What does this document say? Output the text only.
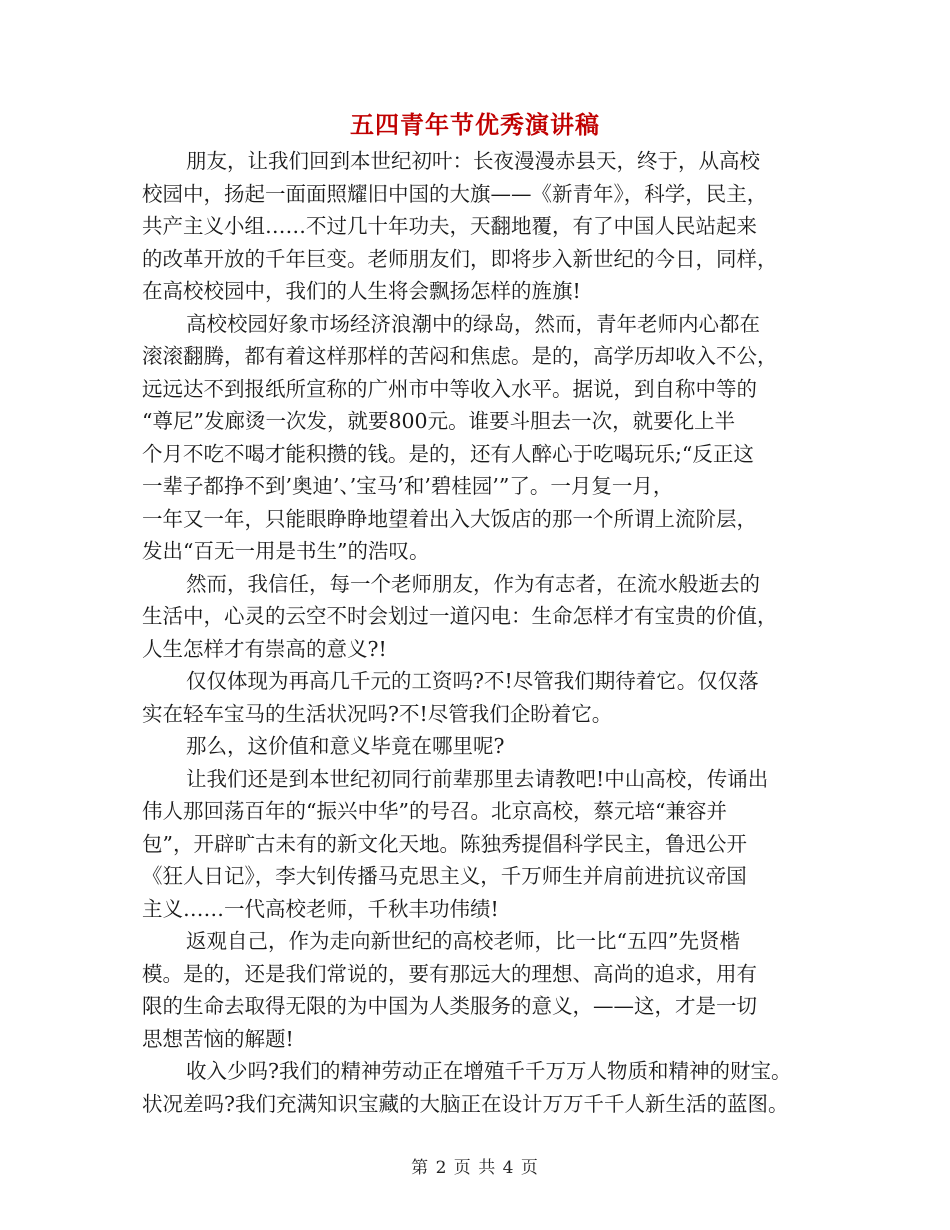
五四青年节优秀演讲稿
朋友，让我们回到本世纪初叶：长夜漫漫赤县天，终于，从高校
校园中，扬起一面面照耀旧中国的大旗——《新青年》，科学，民主，
共产主义小组……不过几十年功夫，天翻地覆，有了中国人民站起来
的改革开放的千年巨变。老师朋友们，即将步入新世纪的今日，同样，
在高校校园中，我们的人生将会飘扬怎样的旌旗!
高校校园好象市场经济浪潮中的绿岛，然而，青年老师内心都在
滚滚翻腾，都有着这样那样的苦闷和焦虑。是的，高学历却收入不公，
远远达不到报纸所宣称的广州市中等收入水平。据说，到自称中等的
“尊尼”发廊烫一次发，就要800元。谁要斗胆去一次，就要化上半
个月不吃不喝才能积攒的钱。是的，还有人醉心于吃喝玩乐;“反正这
一辈子都挣不到’奥迪’、’宝马’和’碧桂园’”了。一月复一月，
一年又一年，只能眼睁睁地望着出入大饭店的那一个所谓上流阶层，
发出“百无一用是书生”的浩叹。
然而，我信任，每一个老师朋友，作为有志者，在流水般逝去的
生活中，心灵的云空不时会划过一道闪电：生命怎样才有宝贵的价值，
人生怎样才有崇高的意义?!
仅仅体现为再高几千元的工资吗?不!尽管我们期待着它。仅仅落
实在轻车宝马的生活状况吗?不!尽管我们企盼着它。
那么，这价值和意义毕竟在哪里呢?
让我们还是到本世纪初同行前辈那里去请教吧!中山高校，传诵出
伟人那回荡百年的“振兴中华”的号召。北京高校，蔡元培“兼容并
包”，开辟旷古未有的新文化天地。陈独秀提倡科学民主，鲁迅公开
《狂人日记》，李大钊传播马克思主义，千万师生并肩前进抗议帝国
主义……一代高校老师，千秋丰功伟绩!
返观自己，作为走向新世纪的高校老师，比一比“五四”先贤楷
模。是的，还是我们常说的，要有那远大的理想、高尚的追求，用有
限的生命去取得无限的为中国为人类服务的意义，——这，才是一切
思想苦恼的解题!
收入少吗?我们的精神劳动正在增殖千千万万人物质和精神的财宝。
状况差吗?我们充满知识宝藏的大脑正在设计万万千千人新生活的蓝图。
第 2 页 共 4 页
